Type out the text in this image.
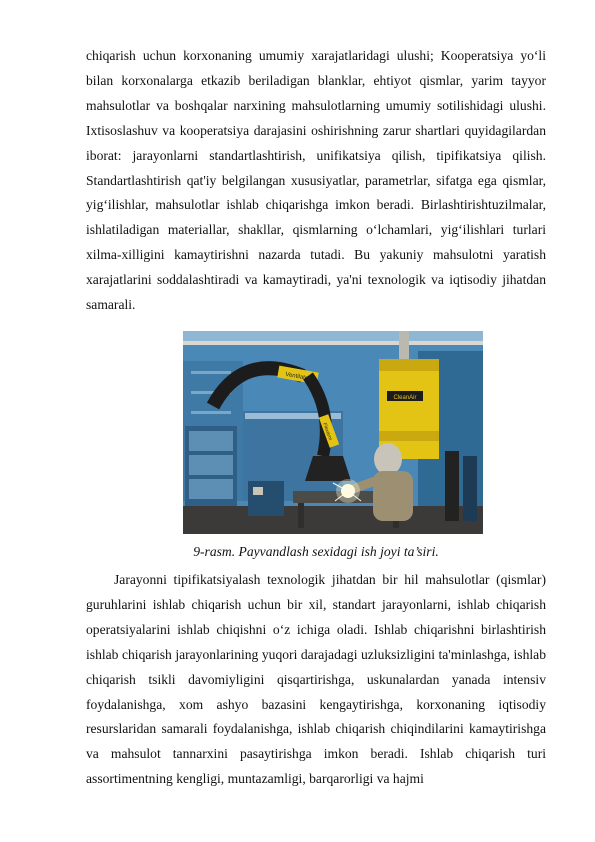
chiqarish uchun korxonaning umumiy xarajatlaridagi ulushi; Kooperatsiya yo‘li bilan korxonalarga etkazib beriladigan blanklar, ehtiyot qismlar, yarim tayyor mahsulotlar va boshqalar narxining mahsulotlarning umumiy sotilishidagi ulushi. Ixtisoslashuv va kooperatsiya darajasini oshirishning zarur shartlari quyidagilardan iborat: jarayonlarni standartlashtirish, unifikatsiya qilish, tipifikatsiya qilish. Standartlashtirish qat'iy belgilangan xususiyatlar, parametrlar, sifatga ega qismlar, yig‘ilishlar, mahsulotlar ishlab chiqarishga imkon beradi. Birlashtirishtuzilmalar, ishlatiladigan materiallar, shakllar, qismlarning o‘lchamlari, yig‘ilishlari turlari xilma-xilligini kamaytirishni nazarda tutadi. Bu yakuniy mahsulotni yaratish xarajatlarini soddalashtiradi va kamaytiradi, ya'ni texnologik va iqtisodiy jihatdan samarali.

CleanAir
Ventilator
Flexarm
9-rasm. Payvandlash sexidagi ish joyi ta’siri.

Jarayonni tipifikatsiyalash texnologik jihatdan bir hil mahsulotlar (qismlar) guruhlarini ishlab chiqarish uchun bir xil, standart jarayonlarni, ishlab chiqarish operatsiyalarini ishlab chiqishni o‘z ichiga oladi. Ishlab chiqarishni birlashtirish ishlab chiqarish jarayonlarining yuqori darajadagi uzluksizligini ta'minlashga, ishlab chiqarish tsikli davomiyligini qisqartirishga, uskunalardan yanada intensiv foydalanishga, xom ashyo bazasini kengaytirishga, korxonaning iqtisodiy resurslaridan samarali foydalanishga, ishlab chiqarish chiqindilarini kamaytirishga va mahsulot tannarxini pasaytirishga imkon beradi. Ishlab chiqarish turi assortimentning kengligi, muntazamligi, barqarorligi va hajmi
